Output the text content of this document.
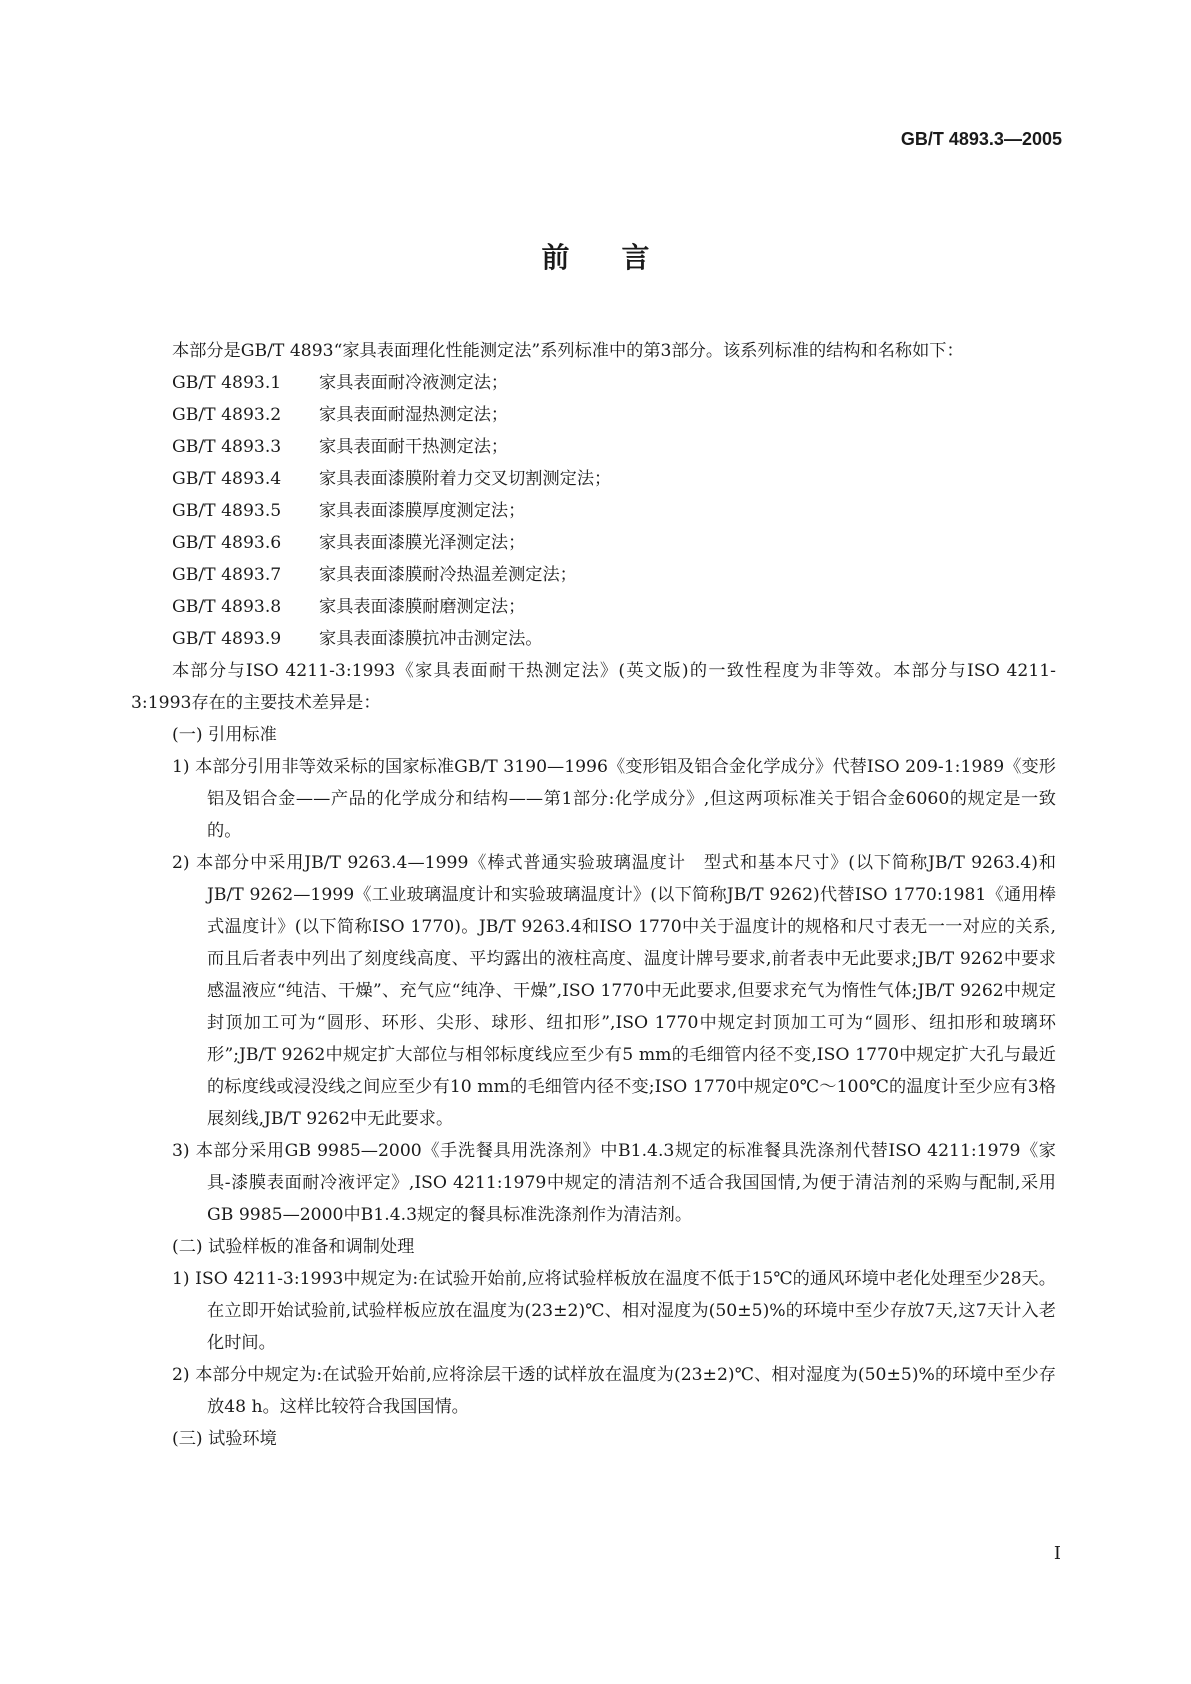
GB/T 4893.3—2005
前言

本部分是GB/T 4893“家具表面理化性能测定法”系列标准中的第3部分。该系列标准的结构和名称如下：

GB/T 4893.1	家具表面耐冷液测定法；
GB/T 4893.2	家具表面耐湿热测定法；
GB/T 4893.3	家具表面耐干热测定法；
GB/T 4893.4	家具表面漆膜附着力交叉切割测定法；
GB/T 4893.5	家具表面漆膜厚度测定法；
GB/T 4893.6	家具表面漆膜光泽测定法；
GB/T 4893.7	家具表面漆膜耐冷热温差测定法；
GB/T 4893.8	家具表面漆膜耐磨测定法；
GB/T 4893.9	家具表面漆膜抗冲击测定法。

本部分与ISO 4211-3:1993《家具表面耐干热测定法》(英文版)的一致性程度为非等效。本部分与ISO 4211-3:1993存在的主要技术差异是：

(一) 引用标准

1) 本部分引用非等效采标的国家标准GB/T 3190—1996《变形铝及铝合金化学成分》代替ISO 209-1:1989《变形铝及铝合金——产品的化学成分和结构——第1部分:化学成分》,但这两项标准关于铝合金6060的规定是一致的。

2) 本部分中采用JB/T 9263.4—1999《棒式普通实验玻璃温度计　型式和基本尺寸》(以下简称JB/T 9263.4)和JB/T 9262—1999《工业玻璃温度计和实验玻璃温度计》(以下简称JB/T 9262)代替ISO 1770:1981《通用棒式温度计》(以下简称ISO 1770)。JB/T 9263.4和ISO 1770中关于温度计的规格和尺寸表无一一对应的关系,而且后者表中列出了刻度线高度、平均露出的液柱高度、温度计牌号要求,前者表中无此要求;JB/T 9262中要求感温液应“纯洁、干燥”、充气应“纯净、干燥”,ISO 1770中无此要求,但要求充气为惰性气体;JB/T 9262中规定封顶加工可为“圆形、环形、尖形、球形、纽扣形”,ISO 1770中规定封顶加工可为“圆形、纽扣形和玻璃环形”;JB/T 9262中规定扩大部位与相邻标度线应至少有5 mm的毛细管内径不变,ISO 1770中规定扩大孔与最近的标度线或浸没线之间应至少有10 mm的毛细管内径不变;ISO 1770中规定0℃～100℃的温度计至少应有3格展刻线,JB/T 9262中无此要求。

3) 本部分采用GB 9985—2000《手洗餐具用洗涤剂》中B1.4.3规定的标准餐具洗涤剂代替ISO 4211:1979《家具-漆膜表面耐冷液评定》,ISO 4211:1979中规定的清洁剂不适合我国国情,为便于清洁剂的采购与配制,采用GB 9985—2000中B1.4.3规定的餐具标准洗涤剂作为清洁剂。

(二) 试验样板的准备和调制处理

1) ISO 4211-3:1993中规定为:在试验开始前,应将试验样板放在温度不低于15℃的通风环境中老化处理至少28天。在立即开始试验前,试验样板应放在温度为(23±2)℃、相对湿度为(50±5)%的环境中至少存放7天,这7天计入老化时间。

2) 本部分中规定为:在试验开始前,应将涂层干透的试样放在温度为(23±2)℃、相对湿度为(50±5)%的环境中至少存放48 h。这样比较符合我国国情。

(三) 试验环境

I
